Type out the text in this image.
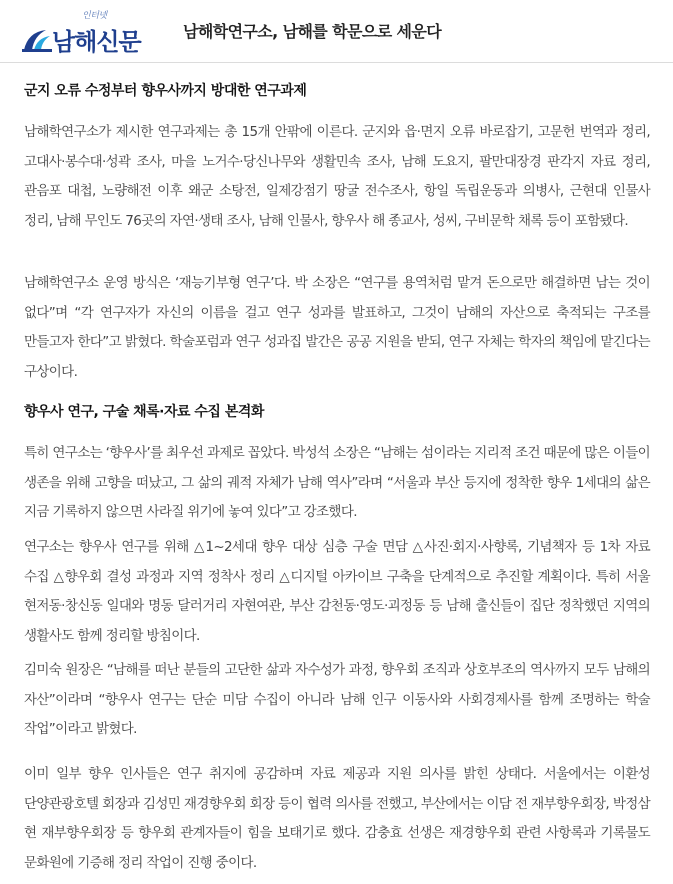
인터넷
남해신문	남해학연구소, 남해를 학문으로 세운다
군지 오류 수정부터 향우사까지 방대한 연구과제

남해학연구소가 제시한 연구과제는 총 15개 안팎에 이른다. 군지와 읍·면지 오류 바로잡기, 고문헌 번역과 정리, 고대사·봉수대·성곽 조사, 마을 노거수·당신나무와 생활민속 조사, 남해 도요지, 팔만대장경 판각지 자료 정리, 관음포 대첩, 노량해전 이후 왜군 소탕전, 일제강점기 땅굴 전수조사, 항일 독립운동과 의병사, 근현대 인물사 정리, 남해 무인도 76곳의 자연·생태 조사, 남해 인물사, 향우사 해 종교사, 성씨, 구비문학 채록 등이 포함됐다.

남해학연구소 운영 방식은 ‘재능기부형 연구’다. 박 소장은 “연구를 용역처럼 맡겨 돈으로만 해결하면 남는 것이 없다”며 “각 연구자가 자신의 이름을 걸고 연구 성과를 발표하고, 그것이 남해의 자산으로 축적되는 구조를 만들고자 한다”고 밝혔다. 학술포럼과 연구 성과집 발간은 공공 지원을 받되, 연구 자체는 학자의 책임에 맡긴다는 구상이다.

향우사 연구, 구술 채록·자료 수집 본격화

특히 연구소는 ‘향우사’를 최우선 과제로 꼽았다. 박성석 소장은 “남해는 섬이라는 지리적 조건 때문에 많은 이들이 생존을 위해 고향을 떠났고, 그 삶의 궤적 자체가 남해 역사”라며 “서울과 부산 등지에 정착한 향우 1세대의 삶은 지금 기록하지 않으면 사라질 위기에 놓여 있다”고 강조했다.

연구소는 향우사 연구를 위해 △1~2세대 향우 대상 심층 구술 면담 △사진·회지·사향록, 기념책자 등 1차 자료 수집 △향우회 결성 과정과 지역 정착사 정리 △디지털 아카이브 구축을 단계적으로 추진할 계획이다. 특히 서울 현저동·창신동 일대와 명동 달러거리 자현여관, 부산 감천동·영도·괴정동 등 남해 출신들이 집단 정착했던 지역의 생활사도 함께 정리할 방침이다.

김미숙 원장은 “남해를 떠난 분들의 고단한 삶과 자수성가 과정, 향우회 조직과 상호부조의 역사까지 모두 남해의 자산”이라며 “향우사 연구는 단순 미담 수집이 아니라 남해 인구 이동사와 사회경제사를 함께 조명하는 학술 작업”이라고 밝혔다.

이미 일부 향우 인사들은 연구 취지에 공감하며 자료 제공과 지원 의사를 밝힌 상태다. 서울에서는 이환성 단양관광호텔 회장과 김성민 재경향우회 회장 등이 협력 의사를 전했고, 부산에서는 이담 전 재부향우회장, 박정삼 현 재부향우회장 등 향우회 관계자들이 힘을 보태기로 했다. 감충효 선생은 재경향우회 관련 사항록과 기록물도 문화원에 기증해 정리 작업이 진행 중이다.
